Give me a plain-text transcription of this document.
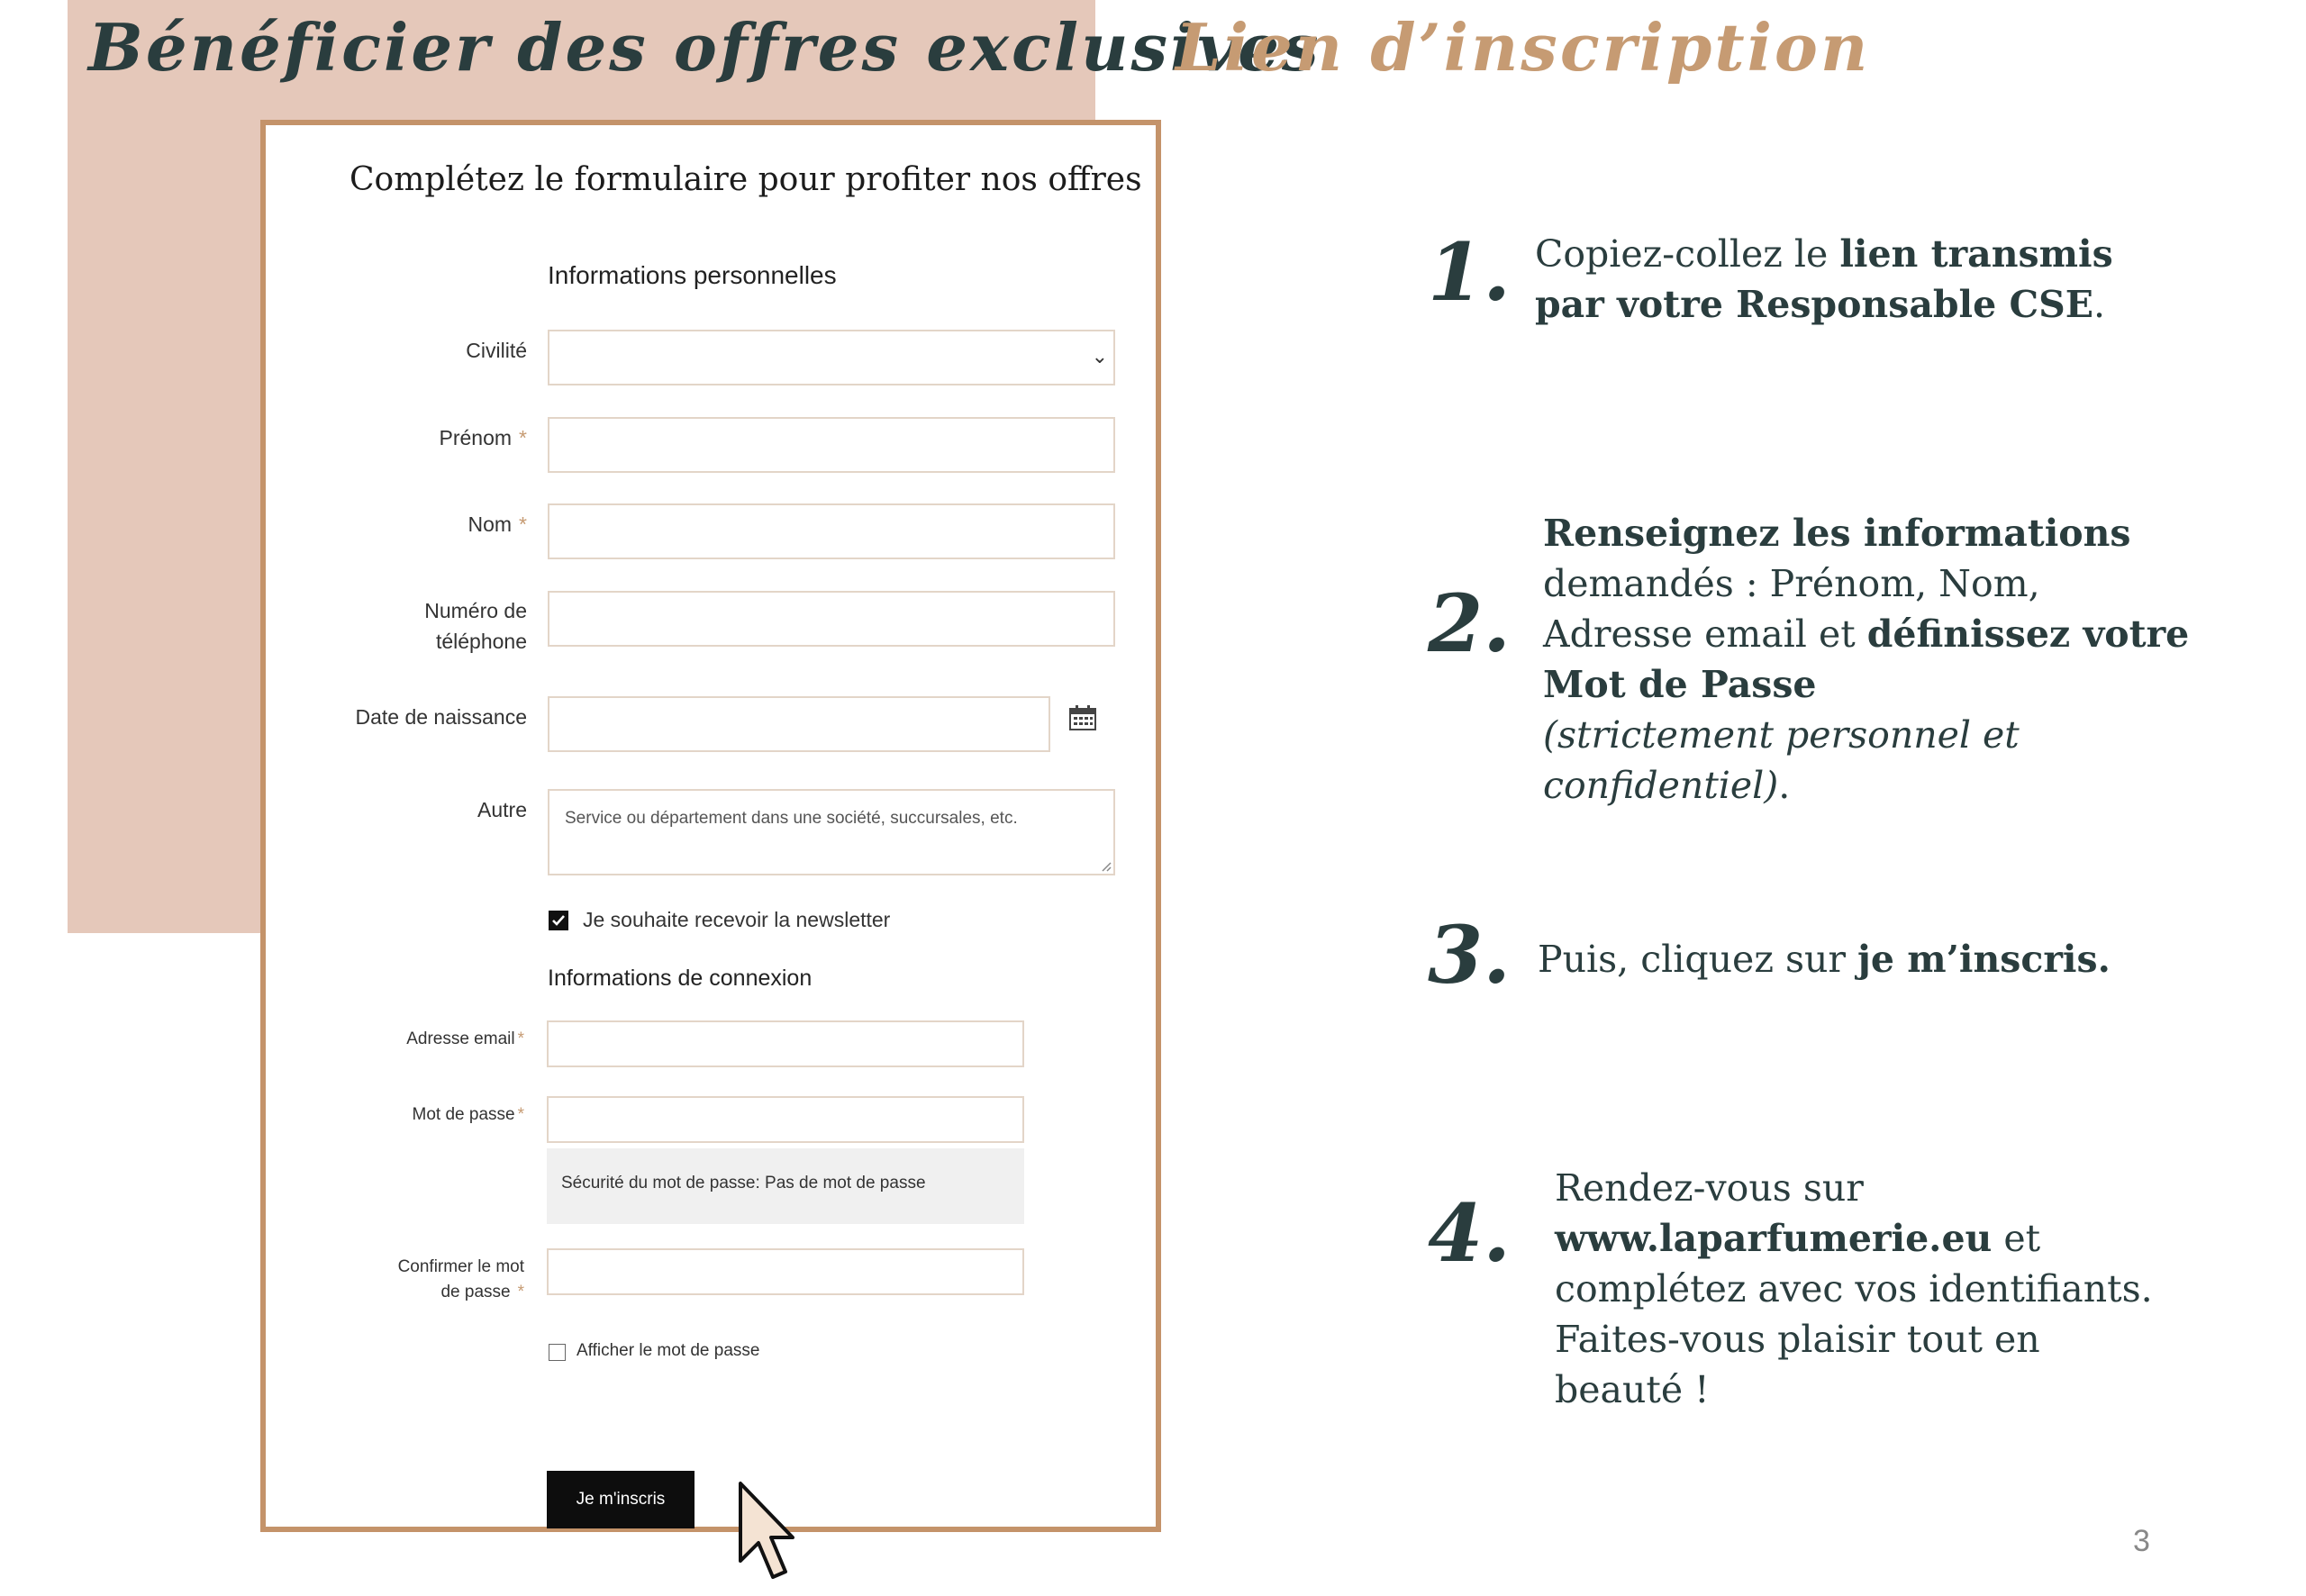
Bénéficier des offres exclusives
Lien d’inscription

Complétez le formulaire pour profiter nos offres

Informations personnelles
Civilité	⌄
Prénom *
Nom *
Numéro de
téléphone
Date de naissance
Autre Service ou département dans une société, succursales, etc.
Je souhaite recevoir la newsletter
Informations de connexion
Adresse email *
Mot de passe *
Sécurité du mot de passe: Pas de mot de passe
Confirmer le mot
de passe *
Afficher le mot de passe
Je m'inscris
1. Copiez-collez le lien transmis par votre Responsable CSE.

2.

Renseignez les informations demandés : Prénom, Nom, Adresse email et définissez votre Mot de Passe
(strictement personnel et confidentiel).

3. Puis, cliquez sur je m’inscris.

4. Rendez-vous sur www.laparfumerie.eu et complétez avec vos identifiants. Faites-vous plaisir tout en beauté !

3
